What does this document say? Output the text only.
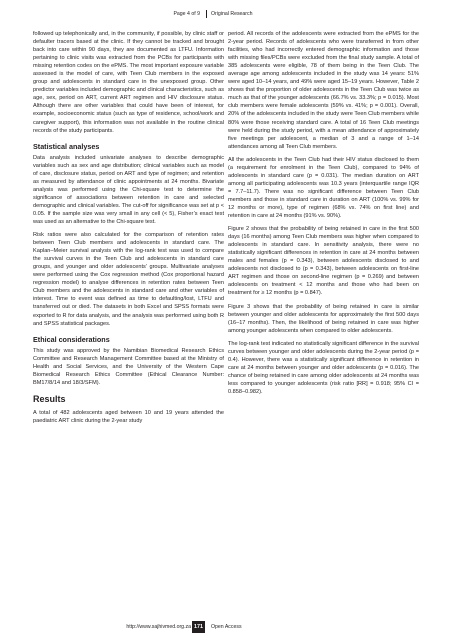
Page 4 of 9 Original Research

followed up telephonically and, in the community, if possible, by clinic staff or defaulter tracers based at the clinic. If they cannot be tracked and brought back into care within 90 days, they are documented as LTFU. Information pertaining to clinic visits was extracted from the PCBs for participants with missing retention codes on the ePMS. The most important exposure variable assessed is the model of care, with Teen Club members in the exposed group and adolescents in standard care in the unexposed group. Other predictor variables included demographic and clinical characteristics, such as age, sex, period on ART, current ART regimen and HIV disclosure status. Although there are other variables that could have been of interest, for example, socioeconomic status (such as type of residence, school/work and caregiver support), this information was not available in the routine clinical records of the study participants.

Statistical analyses

Data analysis included univariate analyses to describe demographic variables such as sex and age distribution; clinical variables such as model of care, disclosure status, period on ART and type of regimen; and retention as measured by attendance of clinic appointments at 24 months. Bivariate analysis was performed using the Chi-square test to determine the significance of associations between retention in care and selected demographic and clinical variables. The cut-off for significance was set at p < 0.05. If the sample size was very small in any cell (< 5), Fisher’s exact test was used as an alternative to the Chi-square test.

Risk ratios were also calculated for the comparison of retention rates between Teen Club members and adolescents in standard care. The Kaplan–Meier survival analysis with the log-rank test was used to compare the survival curves in the Teen Club and adolescents in standard care groups, and younger and older adolescents’ groups. Multivariate analyses were performed using the Cox regression method (Cox proportional hazard regression model) to analyse differences in retention rates between Teen Club members and the adolescents in standard care and other variables of interest. Time to event was defined as time to defaulting/lost, LTFU and transferred out or died. The datasets in both Excel and SPSS formats were exported to R for data analysis, and the analysis was performed using both R and SPSS statistical packages.

Ethical considerations

This study was approved by the Namibian Biomedical Research Ethics Committee and Research Management Committee based at the Ministry of Health and Social Services, and the University of the Western Cape Biomedical Research Ethics Committee (Ethical Clearance Number: BM17/8/14 and 18/3/SFM).

Results

A total of 482 adolescents aged between 10 and 19 years attended the paediatric ART clinic during the 2-year study

period. All records of the adolescents were extracted from the ePMS for the 2-year period. Records of adolescents who were transferred in from other facilities, who had incorrectly entered demographic information and those with missing files/PCBs were excluded from the final study sample. A total of 385 adolescents were eligible, 78 of them being in the Teen Club. The average age among adolescents included in the study was 14 years: 51% were aged 10–14 years, and 49% were aged 15–19 years. However, Table 2 shows that the proportion of older adolescents in the Teen Club was twice as much as that of the younger adolescents (66.7% vs. 33.3%; p = 0.015). Most club members were female adolescents (59% vs. 41%; p = 0.001). Overall, 20% of the adolescents included in the study were Teen Club members while 80% were those receiving standard care. A total of 16 Teen Club meetings were held during the study period, with a mean attendance of approximately five meetings per adolescent, a median of 3 and a range of 1–14 attendances among all Teen Club members.

All the adolescents in the Teen Club had their HIV status disclosed to them (a requirement for enrolment in the Teen Club), compared to 94% of adolescents in standard care (p = 0.031). The median duration on ART among all participating adolescents was 10.3 years (interquartile range IQR = 7.7–11.7). There was no significant difference between Teen Club members and those in standard care in duration on ART (100% vs. 99% for 12 months or more), type of regimen (68% vs. 74% on first line) and retention in care at 24 months (91% vs. 90%).

Figure 2 shows that the probability of being retained in care in the first 500 days (16 months) among Teen Club members was higher when compared to adolescents in standard care. In sensitivity analysis, there were no statistically significant differences in retention in care at 24 months between males and females (p = 0.343), between adolescents disclosed to and adolescents not disclosed to (p = 0.343), between adolescents on first-line ART regimen and those on second-line regimen (p = 0.269) and between adolescents on treatment < 12 months and those who had been on treatment for ≥ 12 months (p = 0.847).

Figure 3 shows that the probability of being retained in care is similar between younger and older adolescents for approximately the first 500 days (16–17 months). Then, the likelihood of being retained in care was higher among younger adolescents when compared to older adolescents.

The log-rank test indicated no statistically significant difference in the survival curves between younger and older adolescents during the 2-year period (p = 0.4). However, there was a statistically significant difference in retention in care at 24 months between younger and older adolescents (p = 0.016). The chance of being retained in care among older adolescents at 24 months was less compared to younger adolescents (risk ratio [RR] = 0.918; 95% CI = 0.858–0.982).

http://www.sajhivmed.org.za 171	Open Access
